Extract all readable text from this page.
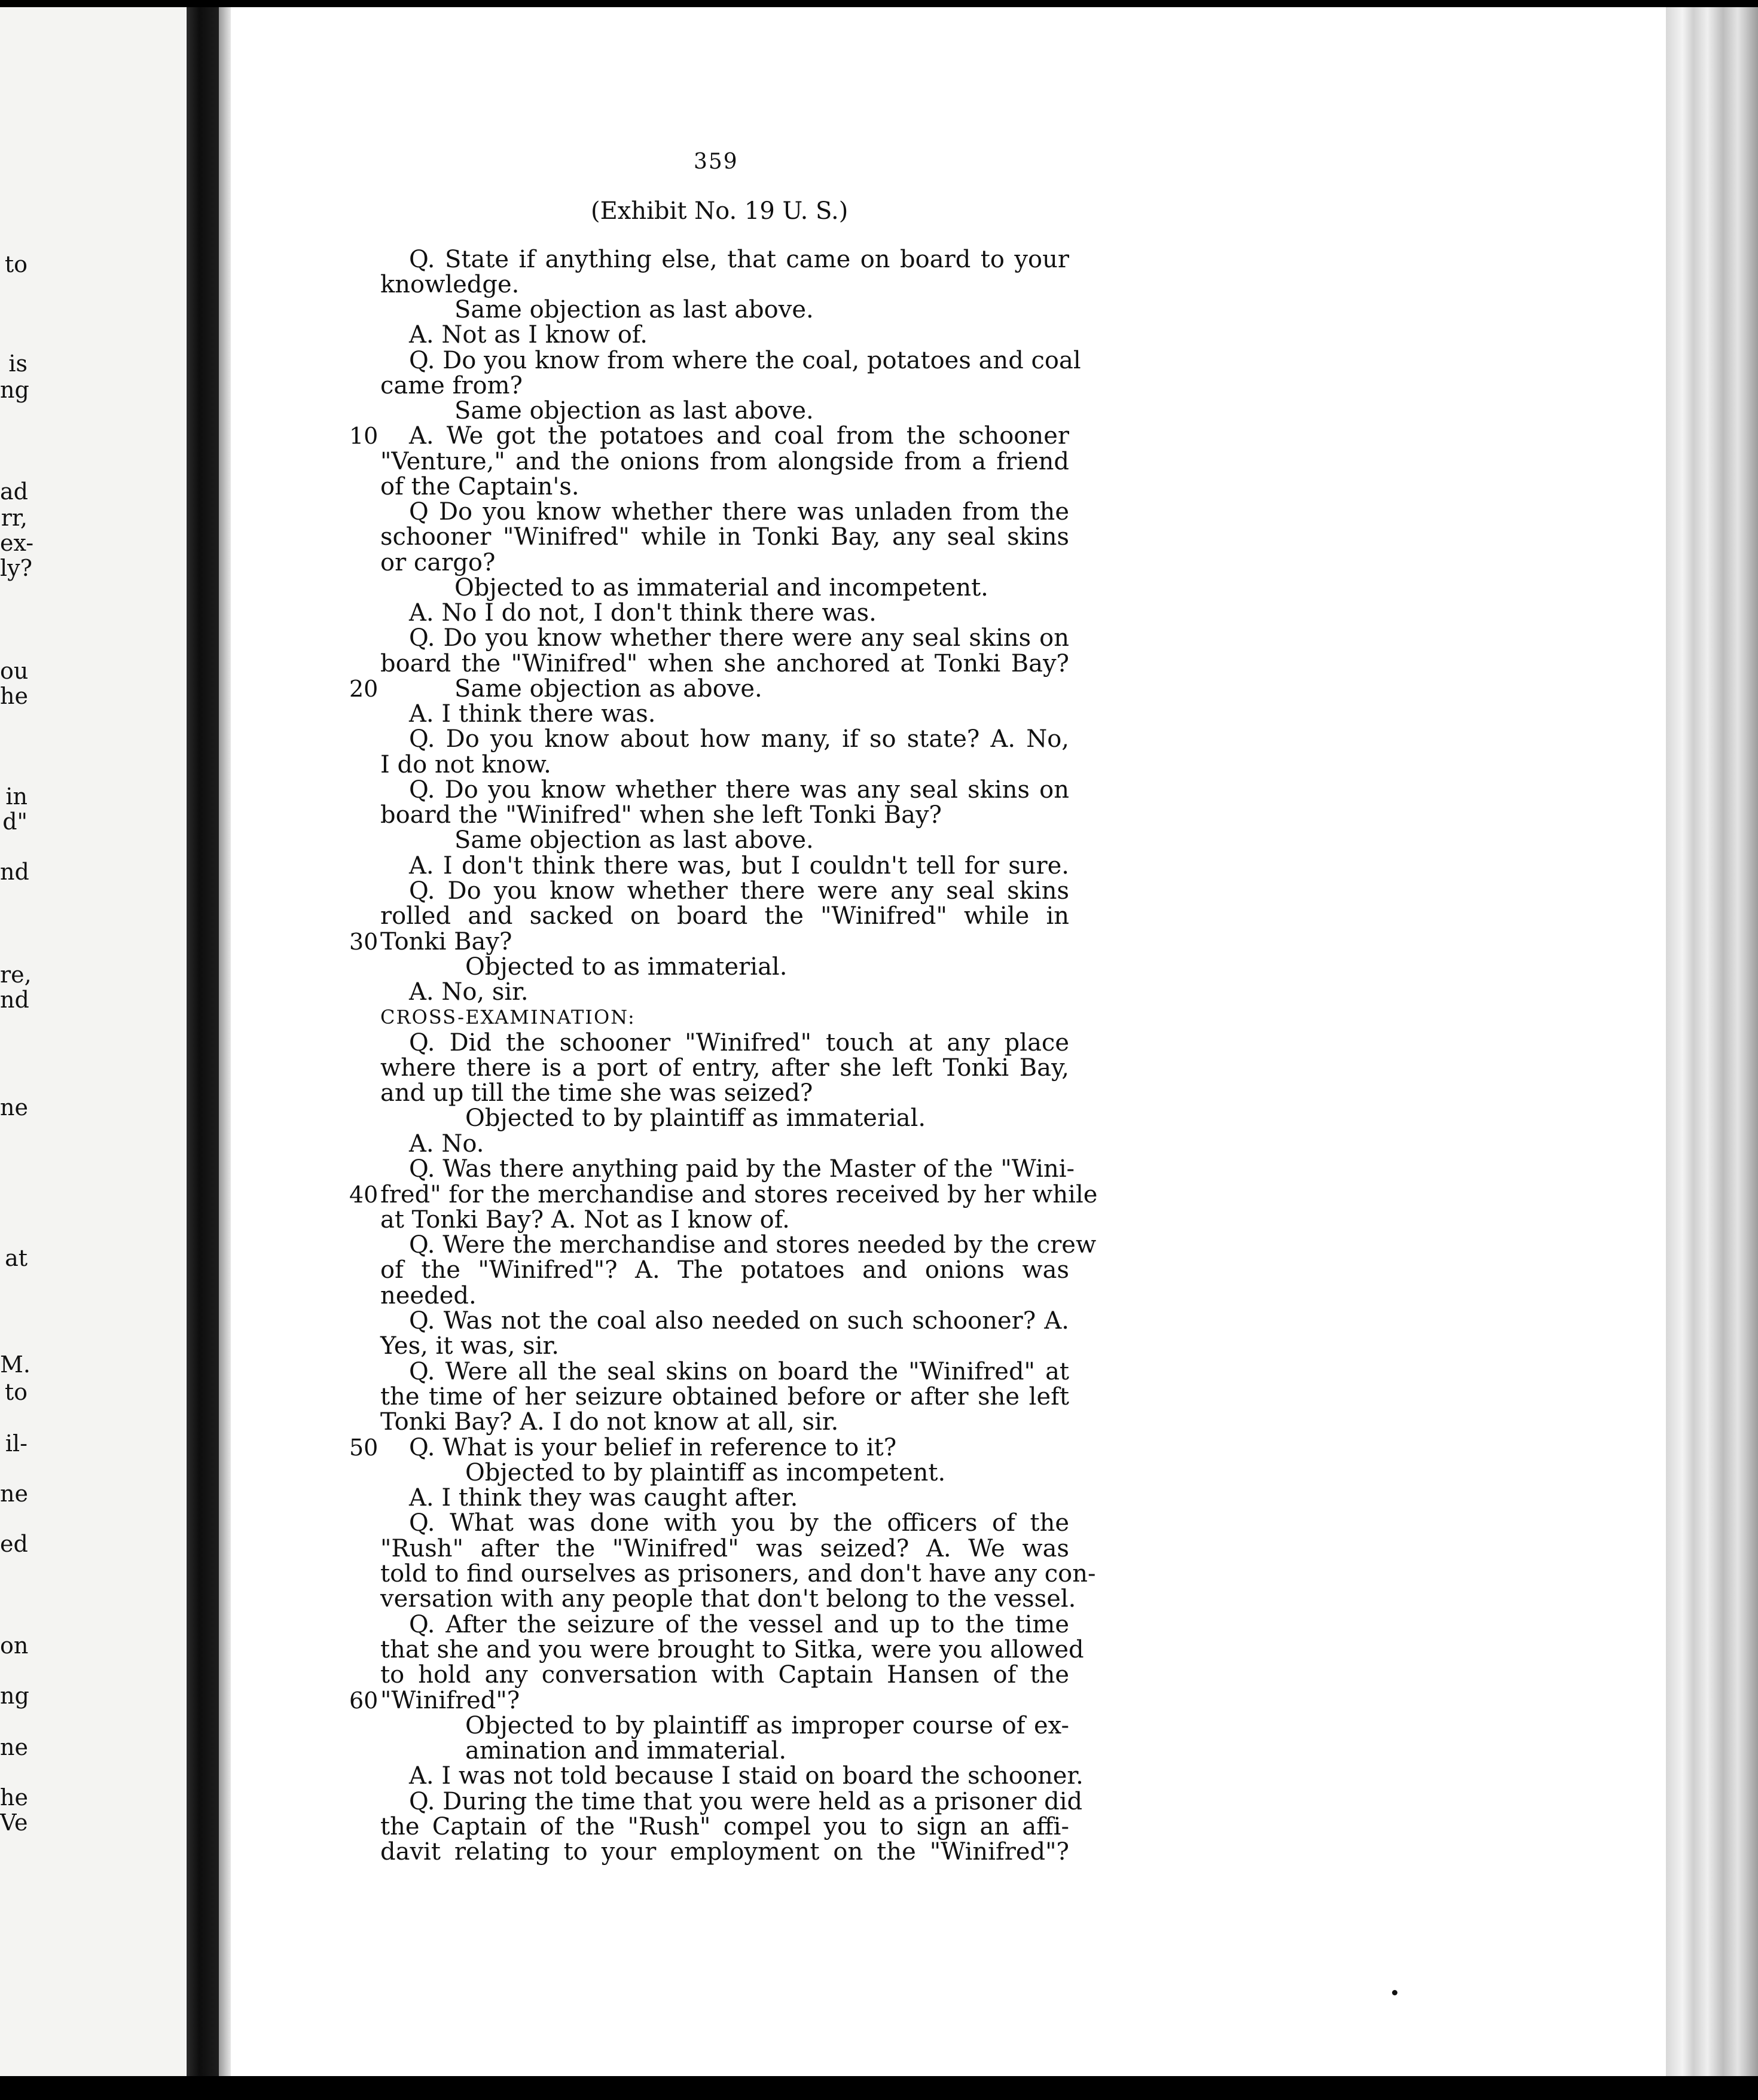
to
is
ng
ad
rr,
ex-
ly?
ou
he
in
d"
nd
re,
nd
ne
at
M.
to
il-
ne
ed
on
ng
ne
he
Ve
359
(Exhibit No. 19 U. S.)
10
20
30
40
50
60
Q. State if anything else, that came on board to your
knowledge.
Same objection as last above.
A. Not as I know of.
Q. Do you know from where the coal, potatoes and coal
came from?
Same objection as last above.
A. We got the potatoes and coal from the schooner
"Venture," and the onions from alongside from a friend
of the Captain's.
Q Do you know whether there was unladen from the
schooner "Winifred" while in Tonki Bay, any seal skins
or cargo?
Objected to as immaterial and incompetent.
A. No I do not, I don't think there was.
Q. Do you know whether there were any seal skins on
board the "Winifred" when she anchored at Tonki Bay?
Same objection as above.
A. I think there was.
Q. Do you know about how many, if so state? A. No,
I do not know.
Q. Do you know whether there was any seal skins on
board the "Winifred" when she left Tonki Bay?
Same objection as last above.
A. I don't think there was, but I couldn't tell for sure.
Q. Do you know whether there were any seal skins
rolled and sacked on board the "Winifred" while in
Tonki Bay?
Objected to as immaterial.
A. No, sir.
CROSS-EXAMINATION:
Q. Did the schooner "Winifred" touch at any place
where there is a port of entry, after she left Tonki Bay,
and up till the time she was seized?
Objected to by plaintiff as immaterial.
A. No.
Q. Was there anything paid by the Master of the "Wini-
fred" for the merchandise and stores received by her while
at Tonki Bay? A. Not as I know of.
Q. Were the merchandise and stores needed by the crew
of the "Winifred"? A. The potatoes and onions was
needed.
Q. Was not the coal also needed on such schooner? A.
Yes, it was, sir.
Q. Were all the seal skins on board the "Winifred" at
the time of her seizure obtained before or after she left
Tonki Bay? A. I do not know at all, sir.
Q. What is your belief in reference to it?
Objected to by plaintiff as incompetent.
A. I think they was caught after.
Q. What was done with you by the officers of the
"Rush" after the "Winifred" was seized? A. We was
told to find ourselves as prisoners, and don't have any con-
versation with any people that don't belong to the vessel.
Q. After the seizure of the vessel and up to the time
that she and you were brought to Sitka, were you allowed
to hold any conversation with Captain Hansen of the
"Winifred"?
Objected to by plaintiff as improper course of ex-
amination and immaterial.
A. I was not told because I staid on board the schooner.
Q. During the time that you were held as a prisoner did
the Captain of the "Rush" compel you to sign an affi-
davit relating to your employment on the "Winifred"?
